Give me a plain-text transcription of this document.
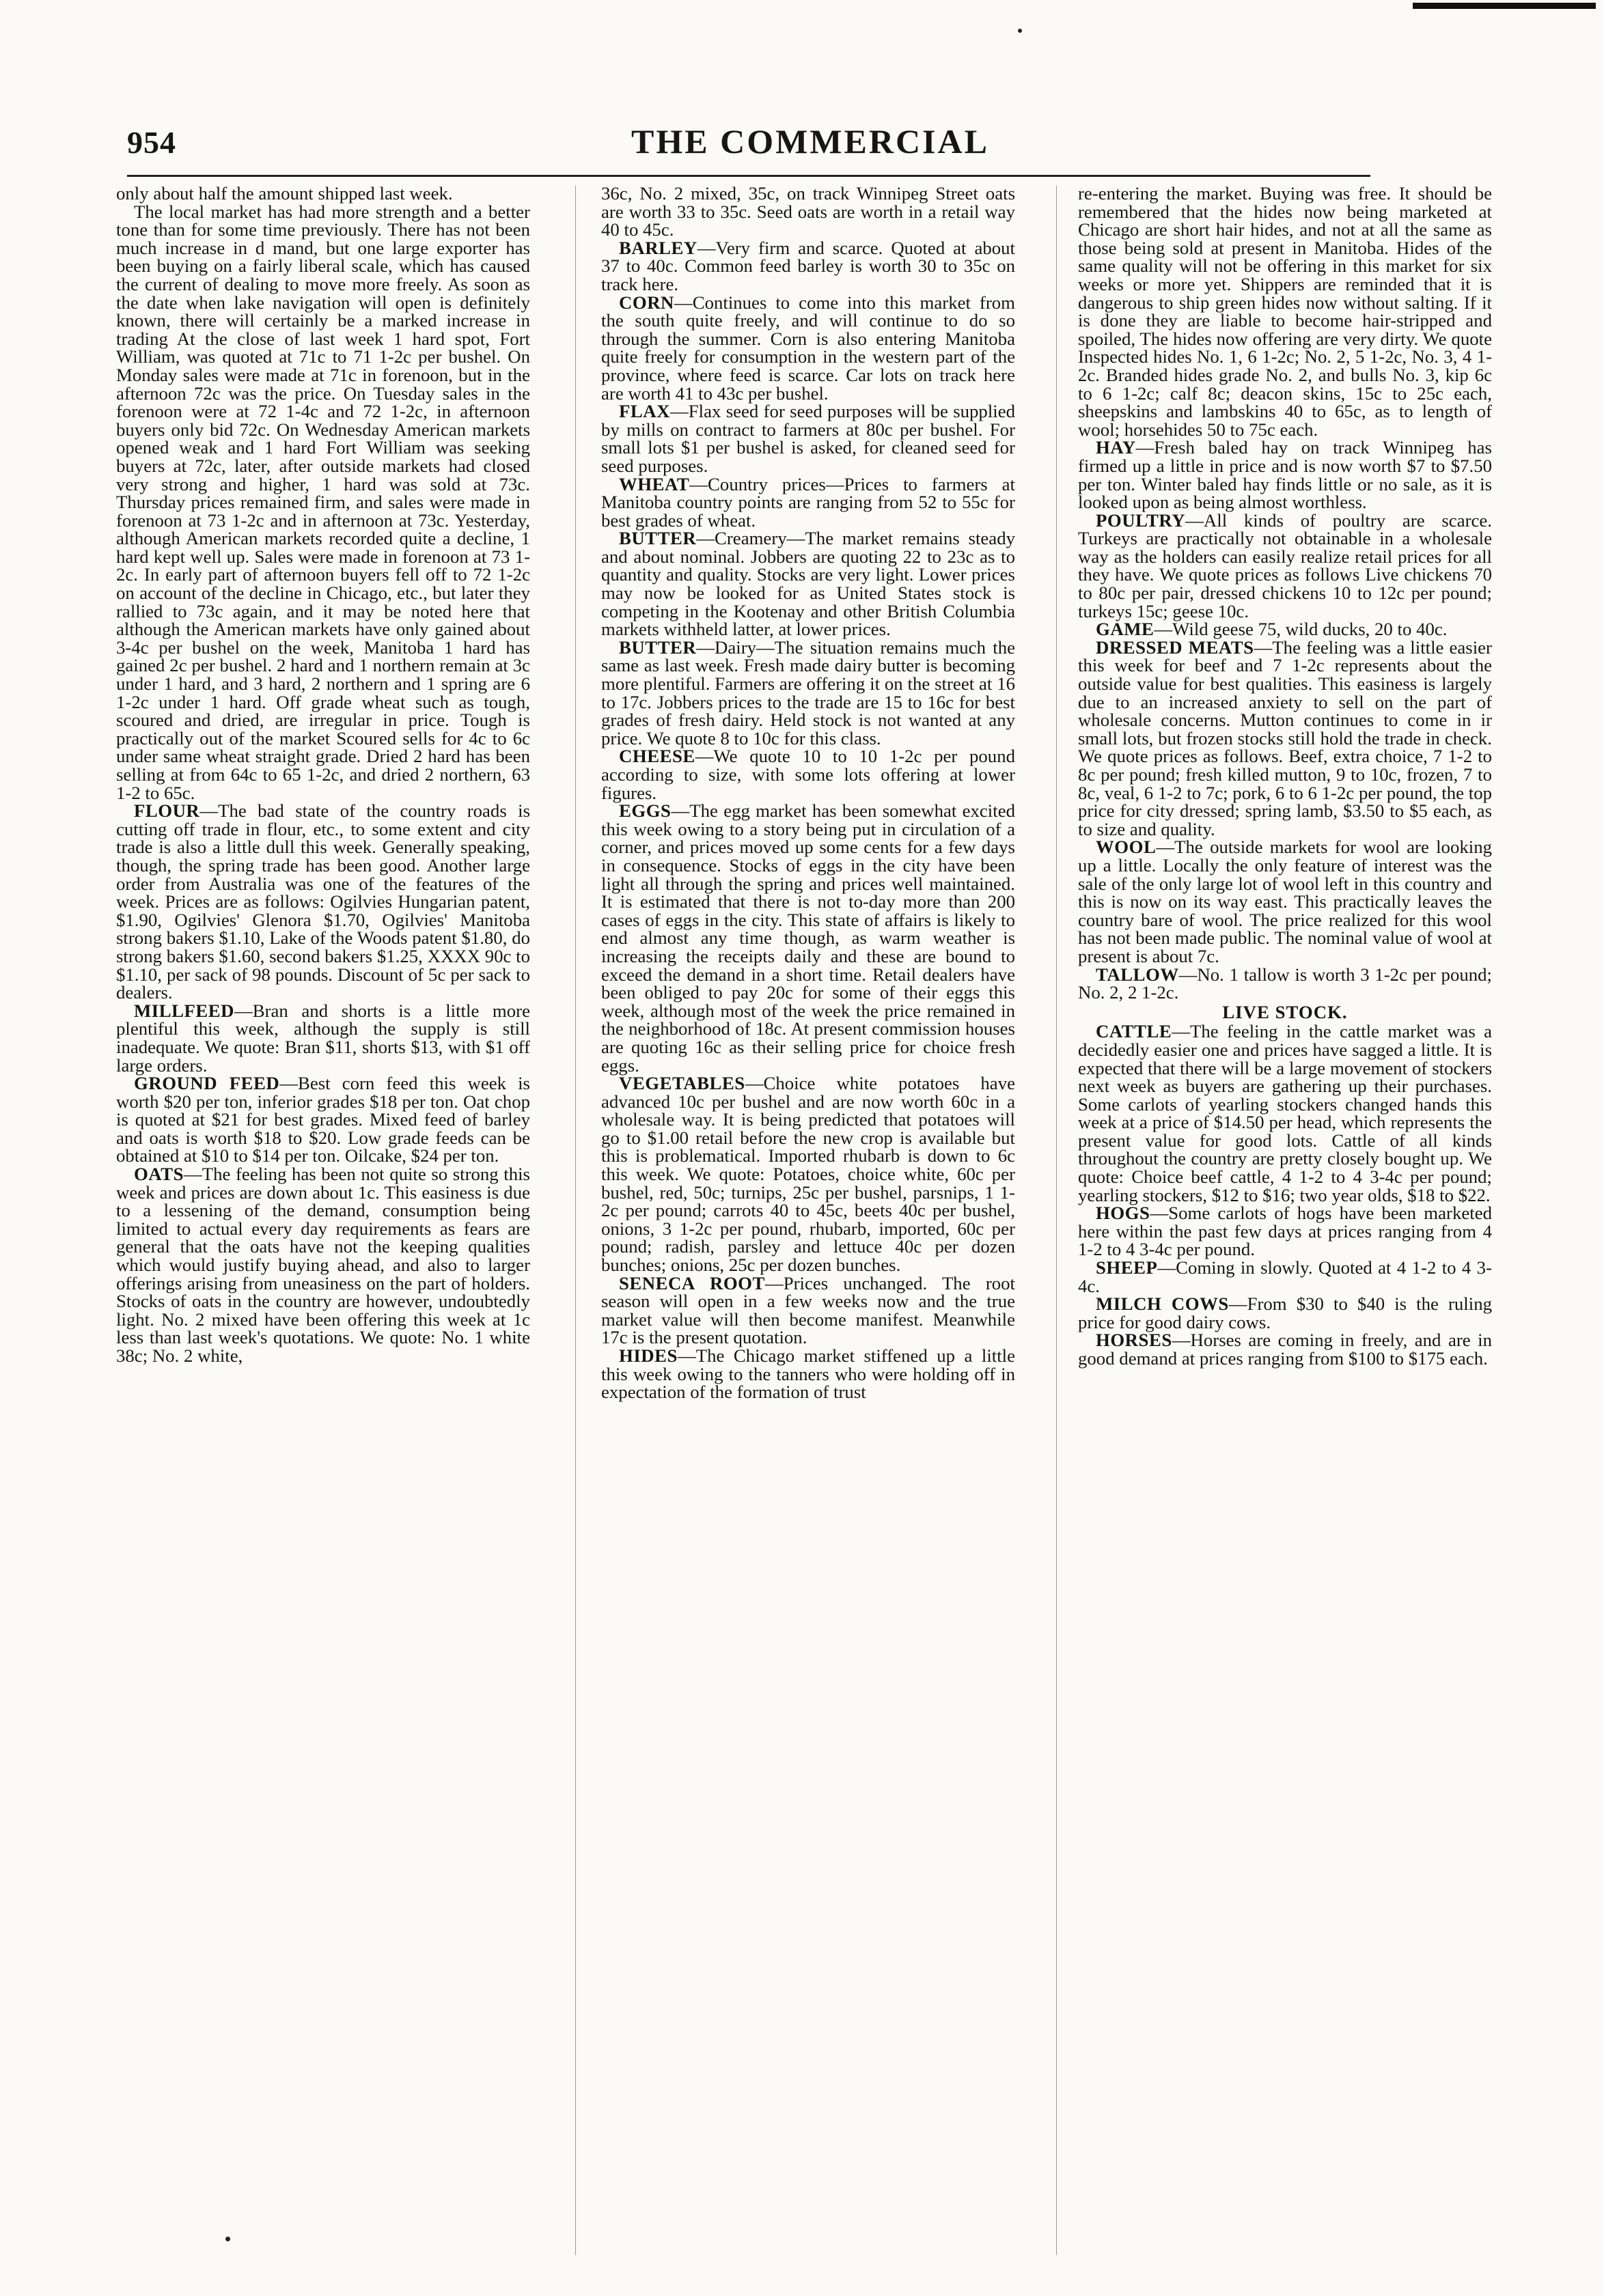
954	THE COMMERCIAL

only about half the amount shipped last week.

The local market has had more strength and a better tone than for some time previously. There has not been much increase in d mand, but one large exporter has been buying on a fairly liberal scale, which has caused the current of dealing to move more freely. As soon as the date when lake navigation will open is definitely known, there will certainly be a marked increase in trading At the close of last week 1 hard spot, Fort William, was quoted at 71c to 71 1-2c per bushel. On Monday sales were made at 71c in forenoon, but in the afternoon 72c was the price. On Tuesday sales in the forenoon were at 72 1-4c and 72 1-2c, in afternoon buyers only bid 72c. On Wednesday American markets opened weak and 1 hard Fort William was seeking buyers at 72c, later, after outside markets had closed very strong and higher, 1 hard was sold at 73c. Thursday prices remained firm, and sales were made in forenoon at 73 1-2c and in afternoon at 73c. Yesterday, although American markets recorded quite a decline, 1 hard kept well up. Sales were made in forenoon at 73 1-2c. In early part of afternoon buyers fell off to 72 1-2c on account of the decline in Chicago, etc., but later they rallied to 73c again, and it may be noted here that although the American markets have only gained about 3-4c per bushel on the week, Manitoba 1 hard has gained 2c per bushel. 2 hard and 1 northern remain at 3c under 1 hard, and 3 hard, 2 northern and 1 spring are 6 1-2c under 1 hard. Off grade wheat such as tough, scoured and dried, are irregular in price. Tough is practically out of the market Scoured sells for 4c to 6c under same wheat straight grade. Dried 2 hard has been selling at from 64c to 65 1-2c, and dried 2 northern, 63 1-2 to 65c.

FLOUR—The bad state of the country roads is cutting off trade in flour, etc., to some extent and city trade is also a little dull this week. Generally speaking, though, the spring trade has been good. Another large order from Australia was one of the features of the week. Prices are as follows: Ogilvies Hungarian patent, $1.90, Ogilvies' Glenora $1.70, Ogilvies' Manitoba strong bakers $1.10, Lake of the Woods patent $1.80, do strong bakers $1.60, second bakers $1.25, XXXX 90c to $1.10, per sack of 98 pounds. Discount of 5c per sack to dealers.

MILLFEED—Bran and shorts is a little more plentiful this week, although the supply is still inadequate. We quote: Bran $11, shorts $13, with $1 off large orders.

GROUND FEED—Best corn feed this week is worth $20 per ton, inferior grades $18 per ton. Oat chop is quoted at $21 for best grades. Mixed feed of barley and oats is worth $18 to $20. Low grade feeds can be obtained at $10 to $14 per ton. Oilcake, $24 per ton.

OATS—The feeling has been not quite so strong this week and prices are down about 1c. This easiness is due to a lessening of the demand, consumption being limited to actual every day requirements as fears are general that the oats have not the keeping qualities which would justify buying ahead, and also to larger offerings arising from uneasiness on the part of holders. Stocks of oats in the country are however, undoubtedly light. No. 2 mixed have been offering this week at 1c less than last week's quotations. We quote: No. 1 white 38c; No. 2 white,

36c, No. 2 mixed, 35c, on track Winnipeg Street oats are worth 33 to 35c. Seed oats are worth in a retail way 40 to 45c.

BARLEY—Very firm and scarce. Quoted at about 37 to 40c. Common feed barley is worth 30 to 35c on track here.

CORN—Continues to come into this market from the south quite freely, and will continue to do so through the summer. Corn is also entering Manitoba quite freely for consumption in the western part of the province, where feed is scarce. Car lots on track here are worth 41 to 43c per bushel.

FLAX—Flax seed for seed purposes will be supplied by mills on contract to farmers at 80c per bushel. For small lots $1 per bushel is asked, for cleaned seed for seed purposes.

WHEAT—Country prices—Prices to farmers at Manitoba country points are ranging from 52 to 55c for best grades of wheat.

BUTTER—Creamery—The market remains steady and about nominal. Jobbers are quoting 22 to 23c as to quantity and quality. Stocks are very light. Lower prices may now be looked for as United States stock is competing in the Kootenay and other British Columbia markets withheld latter, at lower prices.

BUTTER—Dairy—The situation remains much the same as last week. Fresh made dairy butter is becoming more plentiful. Farmers are offering it on the street at 16 to 17c. Jobbers prices to the trade are 15 to 16c for best grades of fresh dairy. Held stock is not wanted at any price. We quote 8 to 10c for this class.

CHEESE—We quote 10 to 10 1-2c per pound according to size, with some lots offering at lower figures.

EGGS—The egg market has been somewhat excited this week owing to a story being put in circulation of a corner, and prices moved up some cents for a few days in consequence. Stocks of eggs in the city have been light all through the spring and prices well maintained. It is estimated that there is not to-day more than 200 cases of eggs in the city. This state of affairs is likely to end almost any time though, as warm weather is increasing the receipts daily and these are bound to exceed the demand in a short time. Retail dealers have been obliged to pay 20c for some of their eggs this week, although most of the week the price remained in the neighborhood of 18c. At present commission houses are quoting 16c as their selling price for choice fresh eggs.

VEGETABLES—Choice white potatoes have advanced 10c per bushel and are now worth 60c in a wholesale way. It is being predicted that potatoes will go to $1.00 retail before the new crop is available but this is problematical. Imported rhubarb is down to 6c this week. We quote: Potatoes, choice white, 60c per bushel, red, 50c; turnips, 25c per bushel, parsnips, 1 1-2c per pound; carrots 40 to 45c, beets 40c per bushel, onions, 3 1-2c per pound, rhubarb, imported, 60c per pound; radish, parsley and lettuce 40c per dozen bunches; onions, 25c per dozen bunches.

SENECA ROOT—Prices unchanged. The root season will open in a few weeks now and the true market value will then become manifest. Meanwhile 17c is the present quotation.

HIDES—The Chicago market stiffened up a little this week owing to the tanners who were holding off in expectation of the formation of trust

re-entering the market. Buying was free. It should be remembered that the hides now being marketed at Chicago are short hair hides, and not at all the same as those being sold at present in Manitoba. Hides of the same quality will not be offering in this market for six weeks or more yet. Shippers are reminded that it is dangerous to ship green hides now without salting. If it is done they are liable to become hair-stripped and spoiled, The hides now offering are very dirty. We quote Inspected hides No. 1, 6 1-2c; No. 2, 5 1-2c, No. 3, 4 1-2c. Branded hides grade No. 2, and bulls No. 3, kip 6c to 6 1-2c; calf 8c; deacon skins, 15c to 25c each, sheepskins and lambskins 40 to 65c, as to length of wool; horsehides 50 to 75c each.

HAY—Fresh baled hay on track Winnipeg has firmed up a little in price and is now worth $7 to $7.50 per ton. Winter baled hay finds little or no sale, as it is looked upon as being almost worthless.

POULTRY—All kinds of poultry are scarce. Turkeys are practically not obtainable in a wholesale way as the holders can easily realize retail prices for all they have. We quote prices as follows Live chickens 70 to 80c per pair, dressed chickens 10 to 12c per pound; turkeys 15c; geese 10c.

GAME—Wild geese 75, wild ducks, 20 to 40c.

DRESSED MEATS—The feeling was a little easier this week for beef and 7 1-2c represents about the outside value for best qualities. This easiness is largely due to an increased anxiety to sell on the part of wholesale concerns. Mutton continues to come in ir small lots, but frozen stocks still hold the trade in check. We quote prices as follows. Beef, extra choice, 7 1-2 to 8c per pound; fresh killed mutton, 9 to 10c, frozen, 7 to 8c, veal, 6 1-2 to 7c; pork, 6 to 6 1-2c per pound, the top price for city dressed; spring lamb, $3.50 to $5 each, as to size and quality.

WOOL—The outside markets for wool are looking up a little. Locally the only feature of interest was the sale of the only large lot of wool left in this country and this is now on its way east. This practically leaves the country bare of wool. The price realized for this wool has not been made public. The nominal value of wool at present is about 7c.

TALLOW—No. 1 tallow is worth 3 1-2c per pound; No. 2, 2 1-2c.

LIVE STOCK.

CATTLE—The feeling in the cattle market was a decidedly easier one and prices have sagged a little. It is expected that there will be a large movement of stockers next week as buyers are gathering up their purchases. Some carlots of yearling stockers changed hands this week at a price of $14.50 per head, which represents the present value for good lots. Cattle of all kinds throughout the country are pretty closely bought up. We quote: Choice beef cattle, 4 1-2 to 4 3-4c per pound; yearling stockers, $12 to $16; two year olds, $18 to $22.

HOGS—Some carlots of hogs have been marketed here within the past few days at prices ranging from 4 1-2 to 4 3-4c per pound.

SHEEP—Coming in slowly. Quoted at 4 1-2 to 4 3-4c.

MILCH COWS—From $30 to $40 is the ruling price for good dairy cows.

HORSES—Horses are coming in freely, and are in good demand at prices ranging from $100 to $175 each.
